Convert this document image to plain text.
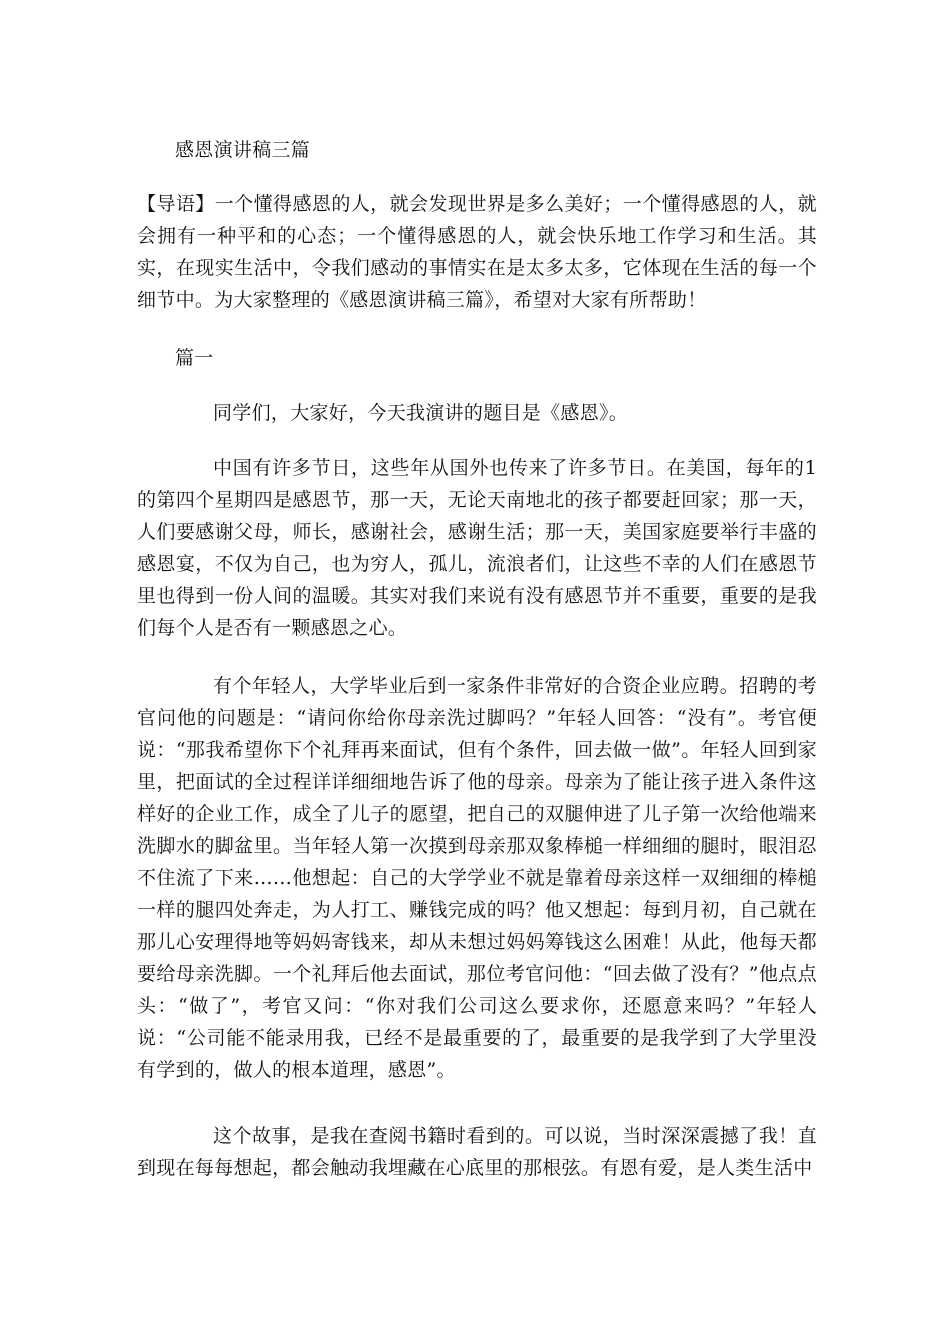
感恩演讲稿三篇

【导语】一个懂得感恩的人，就会发现世界是多么美好；一个懂得感恩的人，就会拥有一种平和的心态；一个懂得感恩的人，就会快乐地工作学习和生活。其实，在现实生活中，令我们感动的事情实在是太多太多，它体现在生活的每一个细节中。为大家整理的《感恩演讲稿三篇》，希望对大家有所帮助！

篇一

同学们，大家好，今天我演讲的题目是《感恩》。

中国有许多节日，这些年从国外也传来了许多节日。在美国，每年的1的第四个星期四是感恩节，那一天，无论天南地北的孩子都要赶回家；那一天，人们要感谢父母，师长，感谢社会，感谢生活；那一天，美国家庭要举行丰盛的感恩宴，不仅为自己，也为穷人，孤儿，流浪者们，让这些不幸的人们在感恩节里也得到一份人间的温暖。其实对我们来说有没有感恩节并不重要，重要的是我们每个人是否有一颗感恩之心。

有个年轻人，大学毕业后到一家条件非常好的合资企业应聘。招聘的考官问他的问题是：“请问你给你母亲洗过脚吗？”年轻人回答：“没有”。考官便说：“那我希望你下个礼拜再来面试，但有个条件，回去做一做”。年轻人回到家里，把面试的全过程详详细细地告诉了他的母亲。母亲为了能让孩子进入条件这样好的企业工作，成全了儿子的愿望，把自己的双腿伸进了儿子第一次给他端来洗脚水的脚盆里。当年轻人第一次摸到母亲那双象棒槌一样细细的腿时，眼泪忍不住流了下来……他想起：自己的大学学业不就是靠着母亲这样一双细细的棒槌一样的腿四处奔走，为人打工、赚钱完成的吗？他又想起：每到月初，自己就在那儿心安理得地等妈妈寄钱来，却从未想过妈妈筹钱这么困难！从此，他每天都要给母亲洗脚。一个礼拜后他去面试，那位考官问他：“回去做了没有？”他点点头：“做了”，考官又问：“你对我们公司这么要求你，还愿意来吗？”年轻人说：“公司能不能录用我，已经不是最重要的了，最重要的是我学到了大学里没有学到的，做人的根本道理，感恩”。

这个故事，是我在查阅书籍时看到的。可以说，当时深深震撼了我！直到现在每每想起，都会触动我埋藏在心底里的那根弦。有恩有爱，是人类生活中
